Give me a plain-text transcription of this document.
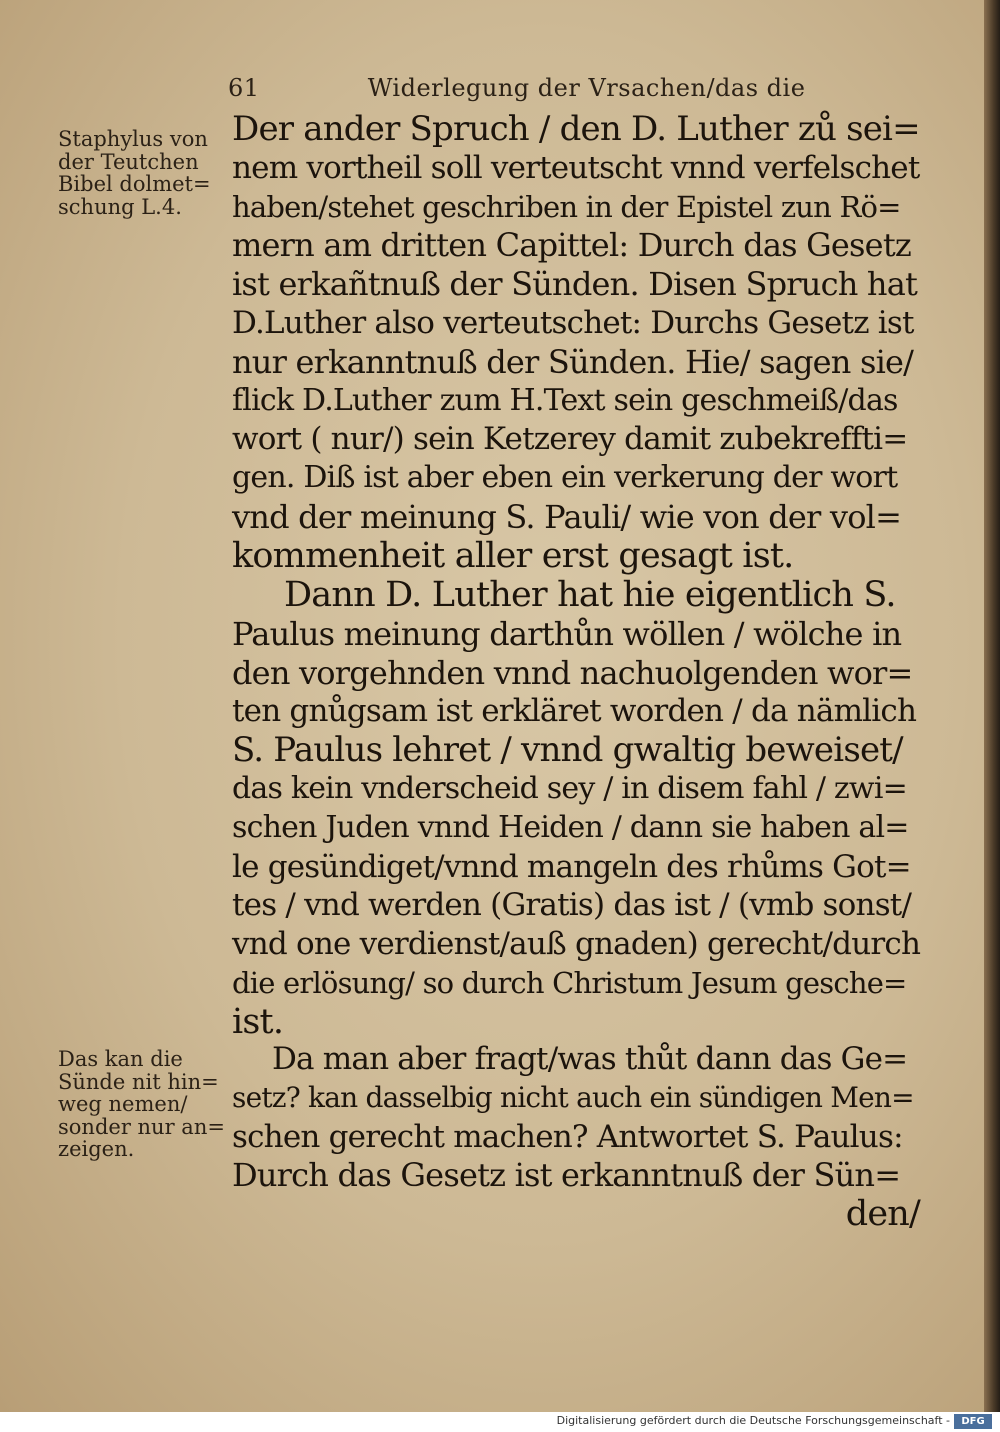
61	Widerlegung der Vrsachen/das die
Staphylus von
der Teutchen
Bibel dolmet=
schung L.4.
Das kan die
Sünde nit hin=
weg nemen/
sonder nur an=
zeigen.
Der ander Spruch / den D. Luther zů sei=
nem vortheil soll verteutscht vnnd verfelschet
haben/stehet geschriben in der Epistel zun Rö=
mern am dritten Capittel: Durch das Gesetz
ist erkañtnuß der Sünden. Disen Spruch hat
D.Luther also verteutschet: Durchs Gesetz ist
nur erkanntnuß der Sünden. Hie/ sagen sie/
flick D.Luther zum H.Text sein geschmeiß/das
wort ( nur/) sein Ketzerey damit zubekreffti=
gen. Diß ist aber eben ein verkerung der wort
vnd der meinung S. Pauli/ wie von der vol=
kommenheit aller erst gesagt ist.
Dann D. Luther hat hie eigentlich S.
Paulus meinung darthůn wöllen / wölche in
den vorgehnden vnnd nachuolgenden wor=
ten gnůgsam ist erkläret worden / da nämlich
S. Paulus lehret / vnnd gwaltig beweiset/
das kein vnderscheid sey / in disem fahl / zwi=
schen Juden vnnd Heiden / dann sie haben al=
le gesündiget/vnnd mangeln des rhůms Got=
tes / vnd werden (Gratis) das ist / (vmb sonst/
vnd one verdienst/auß gnaden) gerecht/durch
die erlösung/ so durch Christum Jesum gesche=
ist.
Da man aber fragt/was thůt dann das Ge=
setz? kan dasselbig nicht auch ein sündigen Men=
schen gerecht machen? Antwortet S. Paulus:
Durch das Gesetz ist erkanntnuß der Sün=
den/
Digitalisierung gefördert durch die Deutsche Forschungsgemeinschaft -	DFG
